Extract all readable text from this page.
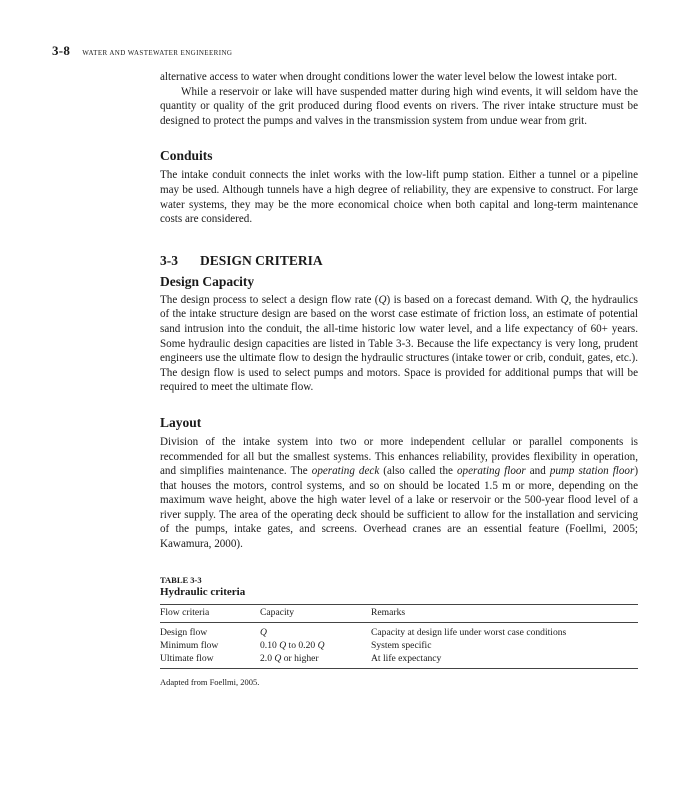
3-8 WATER AND WASTEWATER ENGINEERING

alternative access to water when drought conditions lower the water level below the lowest intake port.

While a reservoir or lake will have suspended matter during high wind events, it will seldom have the quantity or quality of the grit produced during flood events on rivers. The river intake structure must be designed to protect the pumps and valves in the transmission system from undue wear from grit.

Conduits

The intake conduit connects the inlet works with the low-lift pump station. Either a tunnel or a pipeline may be used. Although tunnels have a high degree of reliability, they are expensive to construct. For large water systems, they may be the more economical choice when both capital and long-term maintenance costs are considered.

3-3	DESIGN CRITERIA
Design Capacity

The design process to select a design flow rate (Q) is based on a forecast demand. With Q, the hydraulics of the intake structure design are based on the worst case estimate of friction loss, an estimate of potential sand intrusion into the conduit, the all-time historic low water level, and a life expectancy of 60+ years. Some hydraulic design capacities are listed in Table 3-3. Because the life expectancy is very long, prudent engineers use the ultimate flow to design the hydraulic structures (intake tower or crib, conduit, gates, etc.). The design flow is used to select pumps and motors. Space is provided for additional pumps that will be required to meet the ultimate flow.

Layout

Division of the intake system into two or more independent cellular or parallel components is recommended for all but the smallest systems. This enhances reliability, provides flexibility in operation, and simplifies maintenance. The operating deck (also called the operating floor and pump station floor) that houses the motors, control systems, and so on should be located 1.5 m or more, depending on the maximum wave height, above the high water level of a lake or reservoir or the 500-year flood level of a river supply. The area of the operating deck should be sufficient to allow for the installation and servicing of the pumps, intake gates, and screens. Overhead cranes are an essential feature (Foellmi, 2005; Kawamura, 2000).

TABLE 3-3
Hydraulic criteria
Flow criteria	Capacity	Remarks
Design flow	Q	Capacity at design life under worst case conditions
Minimum flow	0.10 Q to 0.20 Q	System specific
Ultimate flow	2.0 Q or higher	At life expectancy
Adapted from Foellmi, 2005.
